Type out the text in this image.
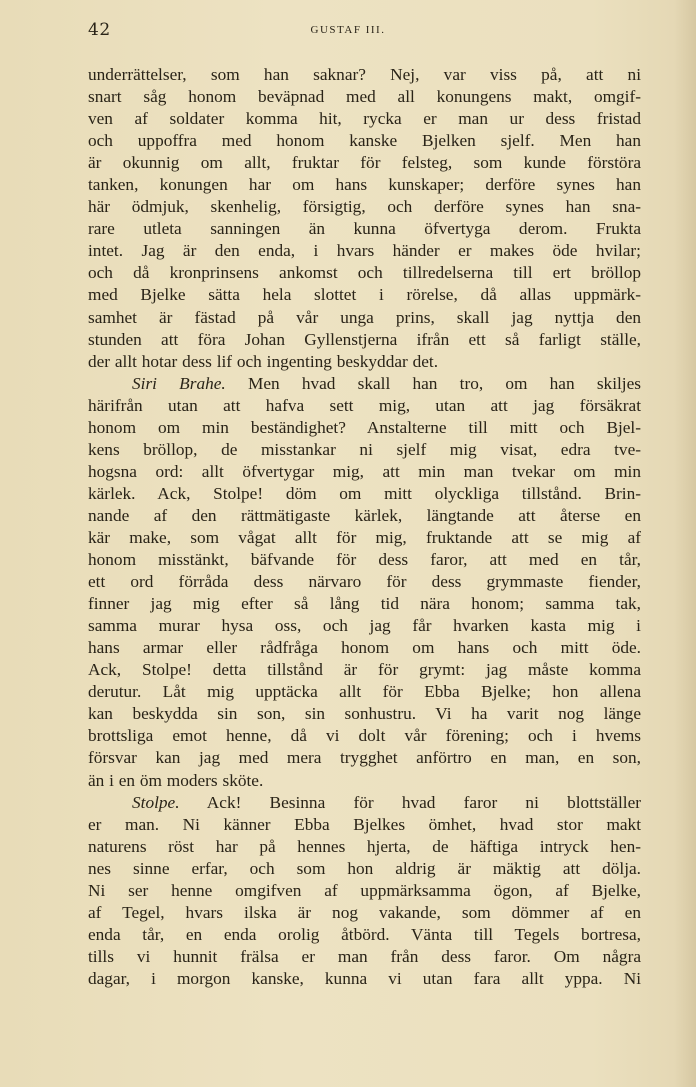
42	GUSTAF III.
underrättelser, som han saknar? Nej, var viss på, att ni
snart såg honom beväpnad med all konungens makt, omgif-
ven af soldater komma hit, rycka er man ur dess fristad
och uppoffra med honom kanske Bjelken sjelf. Men han
är okunnig om allt, fruktar för felsteg, som kunde förstöra
tanken, konungen har om hans kunskaper; derföre synes han
här ödmjuk, skenhelig, försigtig, och derföre synes han sna-
rare utleta sanningen än kunna öfvertyga derom. Frukta
intet. Jag är den enda, i hvars händer er makes öde hvilar;
och då kronprinsens ankomst och tillredelserna till ert bröllop
med Bjelke sätta hela slottet i rörelse, då allas uppmärk-
samhet är fästad på vår unga prins, skall jag nyttja den
stunden att föra Johan Gyllenstjerna ifrån ett så farligt ställe,
der allt hotar dess lif och ingenting beskyddar det.
Siri Brahe. Men hvad skall han tro, om han skiljes
härifrån utan att hafva sett mig, utan att jag försäkrat
honom om min beständighet? Anstalterne till mitt och Bjel-
kens bröllop, de misstankar ni sjelf mig visat, edra tve-
hogsna ord: allt öfvertygar mig, att min man tvekar om min
kärlek. Ack, Stolpe! döm om mitt olyckliga tillstånd. Brin-
nande af den rättmätigaste kärlek, längtande att återse en
kär make, som vågat allt för mig, fruktande att se mig af
honom misstänkt, bäfvande för dess faror, att med en tår,
ett ord förråda dess närvaro för dess grymmaste fiender,
finner jag mig efter så lång tid nära honom; samma tak,
samma murar hysa oss, och jag får hvarken kasta mig i
hans armar eller rådfråga honom om hans och mitt öde.
Ack, Stolpe! detta tillstånd är för grymt: jag måste komma
derutur. Låt mig upptäcka allt för Ebba Bjelke; hon allena
kan beskydda sin son, sin sonhustru. Vi ha varit nog länge
brottsliga emot henne, då vi dolt vår förening; och i hvems
försvar kan jag med mera trygghet anförtro en man, en son,
än i en öm moders sköte.
Stolpe. Ack! Besinna för hvad faror ni blottställer
er man. Ni känner Ebba Bjelkes ömhet, hvad stor makt
naturens röst har på hennes hjerta, de häftiga intryck hen-
nes sinne erfar, och som hon aldrig är mäktig att dölja.
Ni ser henne omgifven af uppmärksamma ögon, af Bjelke,
af Tegel, hvars ilska är nog vakande, som dömmer af en
enda tår, en enda orolig åtbörd. Vänta till Tegels bortresa,
tills vi hunnit frälsa er man från dess faror. Om några
dagar, i morgon kanske, kunna vi utan fara allt yppa. Ni
